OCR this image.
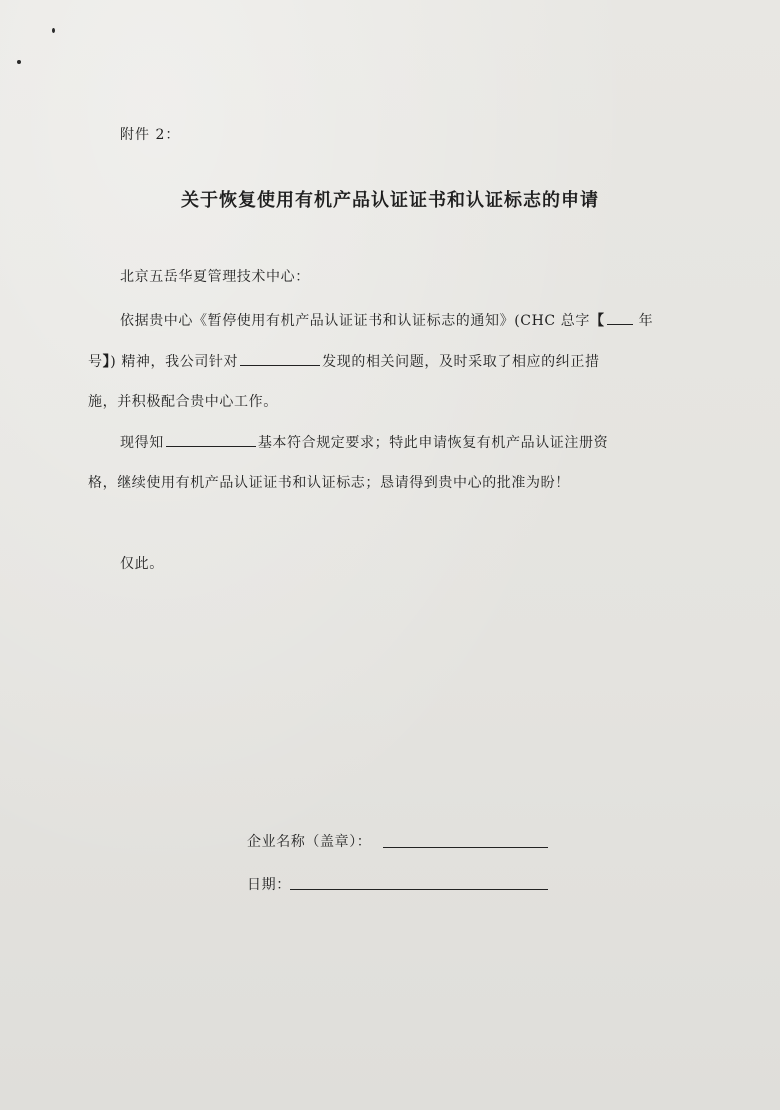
附件 2：
关于恢复使用有机产品认证证书和认证标志的申请
北京五岳华夏管理技术中心：
依据贵中心《暂停使用有机产品认证证书和认证标志的通知》(CHC 总字【 年
号】) 精神，我公司针对	发现的相关问题，及时采取了相应的纠正措
施，并积极配合贵中心工作。
现得知	基本符合规定要求；特此申请恢复有机产品认证注册资
格，继续使用有机产品认证证书和认证标志；恳请得到贵中心的批准为盼！
仅此。
企业名称（盖章）：
日期：
